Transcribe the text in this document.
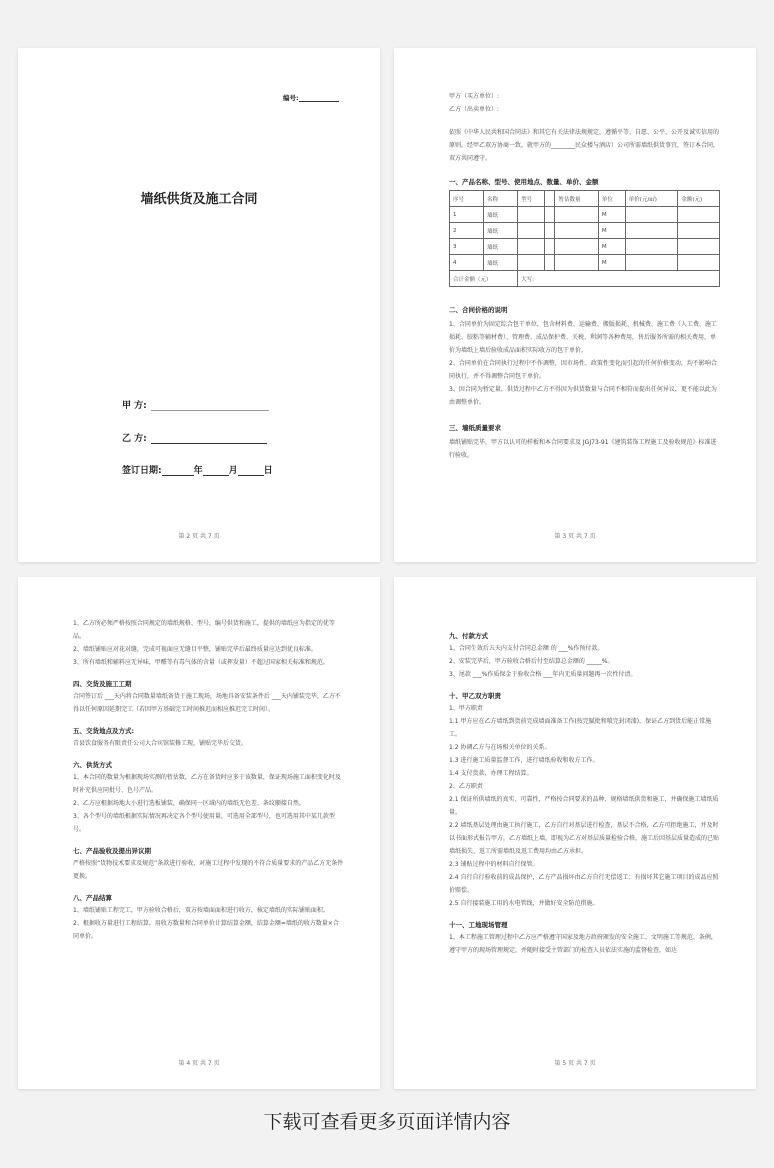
编号:
墙纸供货及施工合同
甲 方:
乙 方:
签订日期:	年	月	日
第 2 页 共 7 页

甲方（买方单位）:

乙方（出卖单位）:

依照《中华人民共和国合同法》和其它有关法律法规规定，遵循平等、自愿、公平、公开及诚实信用的原则，经甲乙双方协商一致，就甲方的________民众楼与酒店）公司所需墙纸供货事宜，签订本合同，双方共同遵守。

一、产品名称、型号、使用地点、数量、单价、金额

序号	名称	型号		暂估数量	单位	单价(元/㎡)	金额(元)
1	墙纸				M		
2	墙纸				M		
3	墙纸				M		
4	墙纸				M		
合计金额（元）		大写:					

二、合同价格的说明

1、合同单价为固定综合包干单位，包含材料费、运输费、搬版损耗、机械费、施工费（人工费、施工损耗、胶粘等辅材费）、管理费、成品保护费、关税、利润等各种费用，售后服务所需的相关费用，单价为墙纸上墙后验收成品面积实际收方的包干单价。

2、合同单价在合同执行过程中不作调整，因市场性、政策性变化而引起的任何价格变动，均不影响合同执行，并不得调整合同包干单价。

3、因合同为暂定量，供货过程中乙方不得因为供货数量与合同不相符而提出任何异议，更不能以此为由调整单价。

三、墙纸质量要求

墙纸铺贴完毕，甲方以认可的样板和本合同要求及 JGJ73-91《建筑装饰工程施工及验收规范》标准进行验收。

第 3 页 共 7 页

1、乙方所必须严格按照合同规定的墙纸规格、型号、编号供货和施工，提供的墙纸应为指定的优等品。

2、墙纸铺贴应对花对缝，完成可视面应无缝目平整，铺贴完毕后最终质量应达到优良标准。

3、所有墙纸和辅料应无异味，甲醛等有毒气体的含量（或挥发量）不超过国家相关标准和规范。

四、交货及施工工期

合同签订后 ___天内将合同数量墙纸备货于施工现场，场地具备安装条件后 ___天内铺装完毕，乙方不得以任何原因延期完工（若因甲方基础完工时间推迟而相应推迟完工时间）。

五、交货地点及方式:

青县饮食服务有限责任公司大合宾馆装修工现，铺贴完毕后交货。

六、供货方式

1、本合同的数量为根据现场实测的暂估数，乙方在备货时应多于该数量，保证现场施工面积变化时及时补充供应同批号、色号产品。

2、乙方应根据场地大小进行选板铺装，确保同一区域内的墙纸无色差、条纹顺接自然。

3、各个型号的墙纸根据实际情况再决定各个型号使用量，可选用全部型号，也可选用其中某几款型号。

七、产品验收及提出异议期

严格按照“货物技术要求及规范”条款进行验收，对施工过程中发现的不符合质量要求的产品乙方无条件更换。

八、产品结算

1、墙纸铺贴工程完工，甲方验收合格后，双方按墙面面积进行收方，核定墙纸的实际铺贴面积。

2、根据收方量进行工程结算，用收方数量和合同单价计算结算金额，结算金额=墙纸的收方数量×合同单价。

第 4 页 共 7 页

九、付款方式

1、合同生效后五天内支付合同总金额 的 ___%作预付款。

2、安装完毕后，甲方验收合格后付至结算总金额的 _____%。

3、尾款 ___%作质保金于验收合格 ___年内无质量问题再一次性付清。

十、甲乙双方职责

1、甲方职责

1.1 甲方应在乙方墙纸到货前完成墙面准备工作(按完腻批和喷完封闭漆)，保证乙方到货后能正常施工。

1.2 协调乙方与在场相关单位的关系。

1.3 进行施工质量监督工作，进行墙纸验收和收方工作。

1.4 支付货款、办理工程结算。

2、乙方职责

2.1 保证所供墙纸的真实、可靠性，严格按合同要求的品种、规格墙纸供货和施工，并确保施工墙纸质量。

2.2 墙纸基层处理由施工执行施工，乙方自行对基层进行检查，基层不合格，乙方可拒绝施工，并及时以书面形式报告甲方。乙方墙纸上墙，即视为乙方对基层质量检验合格，施工后因基层质量造成的已贴墙纸损失、返工所需墙纸及返工费用均由乙方承担。

2.3 铺贴过程中的材料自行保管。

2.4 自行自行验收前的成品保护，乙方产品损坏由乙方自行无偿返工；有损坏其它施工项目的成品应照价赔偿。

2.5 自行接装施工用的水电管线，并做好安全防范措施。

十一、工地现场管理

1、本工程施工管理过程中乙方应严格遵守国家及地方政府颁发的安全施工、文明施工等规范、条例，遵守甲方的现场管理规定，并随时接受主管部门的检查人员依法实施的监督检查，如达

第 5 页 共 7 页
下载可查看更多页面详情内容
